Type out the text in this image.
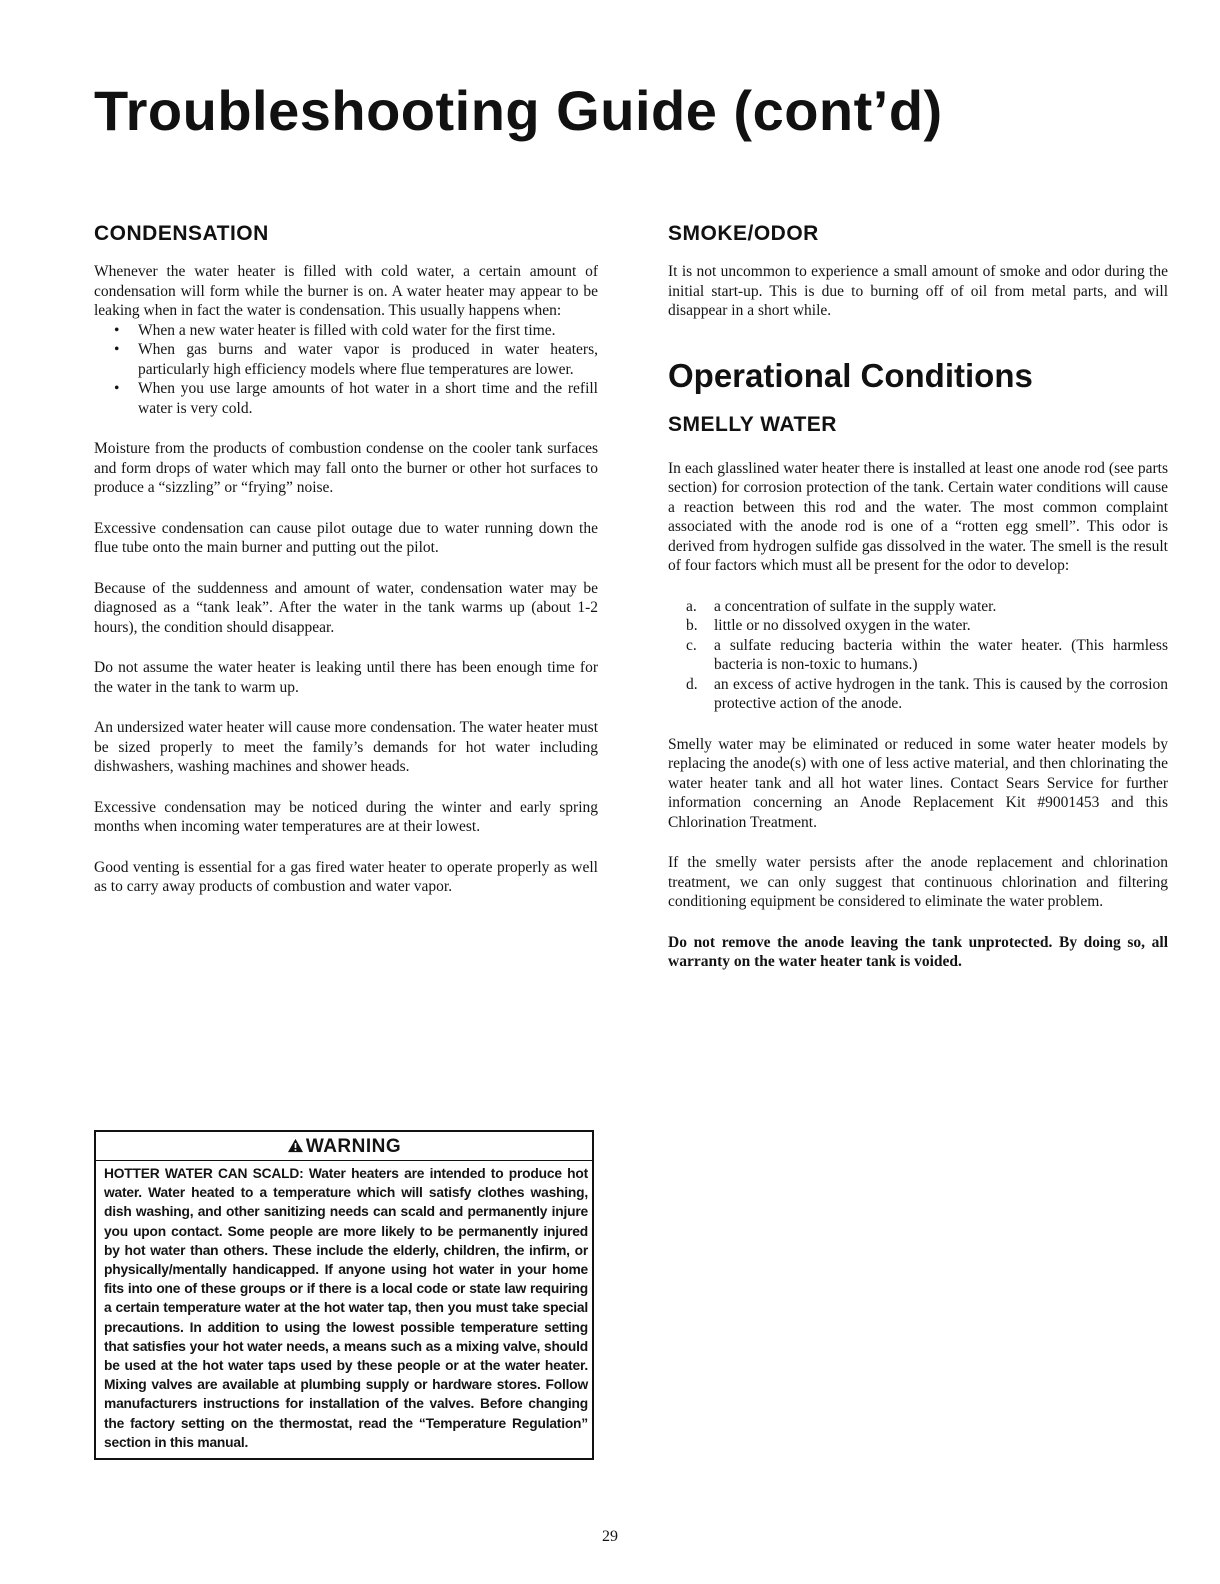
Troubleshooting Guide (cont’d)
CONDENSATION

Whenever the water heater is filled with cold water, a certain amount of condensation will form while the burner is on. A water heater may appear to be leaking when in fact the water is condensation. This usually happens when:

• When a new water heater is filled with cold water for the first time.
• When gas burns and water vapor is produced in water heaters, particularly high efficiency models where flue temperatures are lower.
• When you use large amounts of hot water in a short time and the refill water is very cold.

Moisture from the products of combustion condense on the cooler tank surfaces and form drops of water which may fall onto the burner or other hot surfaces to produce a “sizzling” or “frying” noise.

Excessive condensation can cause pilot outage due to water running down the flue tube onto the main burner and putting out the pilot.

Because of the suddenness and amount of water, condensation water may be diagnosed as a “tank leak”. After the water in the tank warms up (about 1-2 hours), the condition should disappear.

Do not assume the water heater is leaking until there has been enough time for the water in the tank to warm up.

An undersized water heater will cause more condensation. The water heater must be sized properly to meet the family’s demands for hot water including dishwashers, washing machines and shower heads.

Excessive condensation may be noticed during the winter and early spring months when incoming water temperatures are at their lowest.

Good venting is essential for a gas fired water heater to operate properly as well as to carry away products of combustion and water vapor.

WARNING

HOTTER WATER CAN SCALD: Water heaters are intended to produce hot water. Water heated to a temperature which will satisfy clothes washing, dish washing, and other sanitizing needs can scald and permanently injure you upon contact. Some people are more likely to be permanently injured by hot water than others. These include the elderly, children, the infirm, or physically/mentally handicapped. If anyone using hot water in your home fits into one of these groups or if there is a local code or state law requiring a certain temperature water at the hot water tap, then you must take special precautions. In addition to using the lowest possible temperature setting that satisfies your hot water needs, a means such as a mixing valve, should be used at the hot water taps used by these people or at the water heater. Mixing valves are available at plumbing supply or hardware stores. Follow manufacturers instructions for installation of the valves. Before changing the factory setting on the thermostat, read the “Temperature Regulation” section in this manual.

SMOKE/ODOR

It is not uncommon to experience a small amount of smoke and odor during the initial start-up. This is due to burning off of oil from metal parts, and will disappear in a short while.

Operational Conditions
SMELLY WATER

In each glasslined water heater there is installed at least one anode rod (see parts section) for corrosion protection of the tank. Certain water conditions will cause a reaction between this rod and the water. The most common complaint associated with the anode rod is one of a “rotten egg smell”. This odor is derived from hydrogen sulfide gas dissolved in the water. The smell is the result of four factors which must all be present for the odor to develop:

a. a concentration of sulfate in the supply water.
b. little or no dissolved oxygen in the water.
c. a sulfate reducing bacteria within the water heater. (This harmless bacteria is non-toxic to humans.)
d. an excess of active hydrogen in the tank. This is caused by the corrosion protective action of the anode.

Smelly water may be eliminated or reduced in some water heater models by replacing the anode(s) with one of less active material, and then chlorinating the water heater tank and all hot water lines. Contact Sears Service for further information concerning an Anode Replacement Kit #9001453 and this Chlorination Treatment.

If the smelly water persists after the anode replacement and chlorination treatment, we can only suggest that continuous chlorination and filtering conditioning equipment be considered to eliminate the water problem.

Do not remove the anode leaving the tank unprotected. By doing so, all warranty on the water heater tank is voided.

29
